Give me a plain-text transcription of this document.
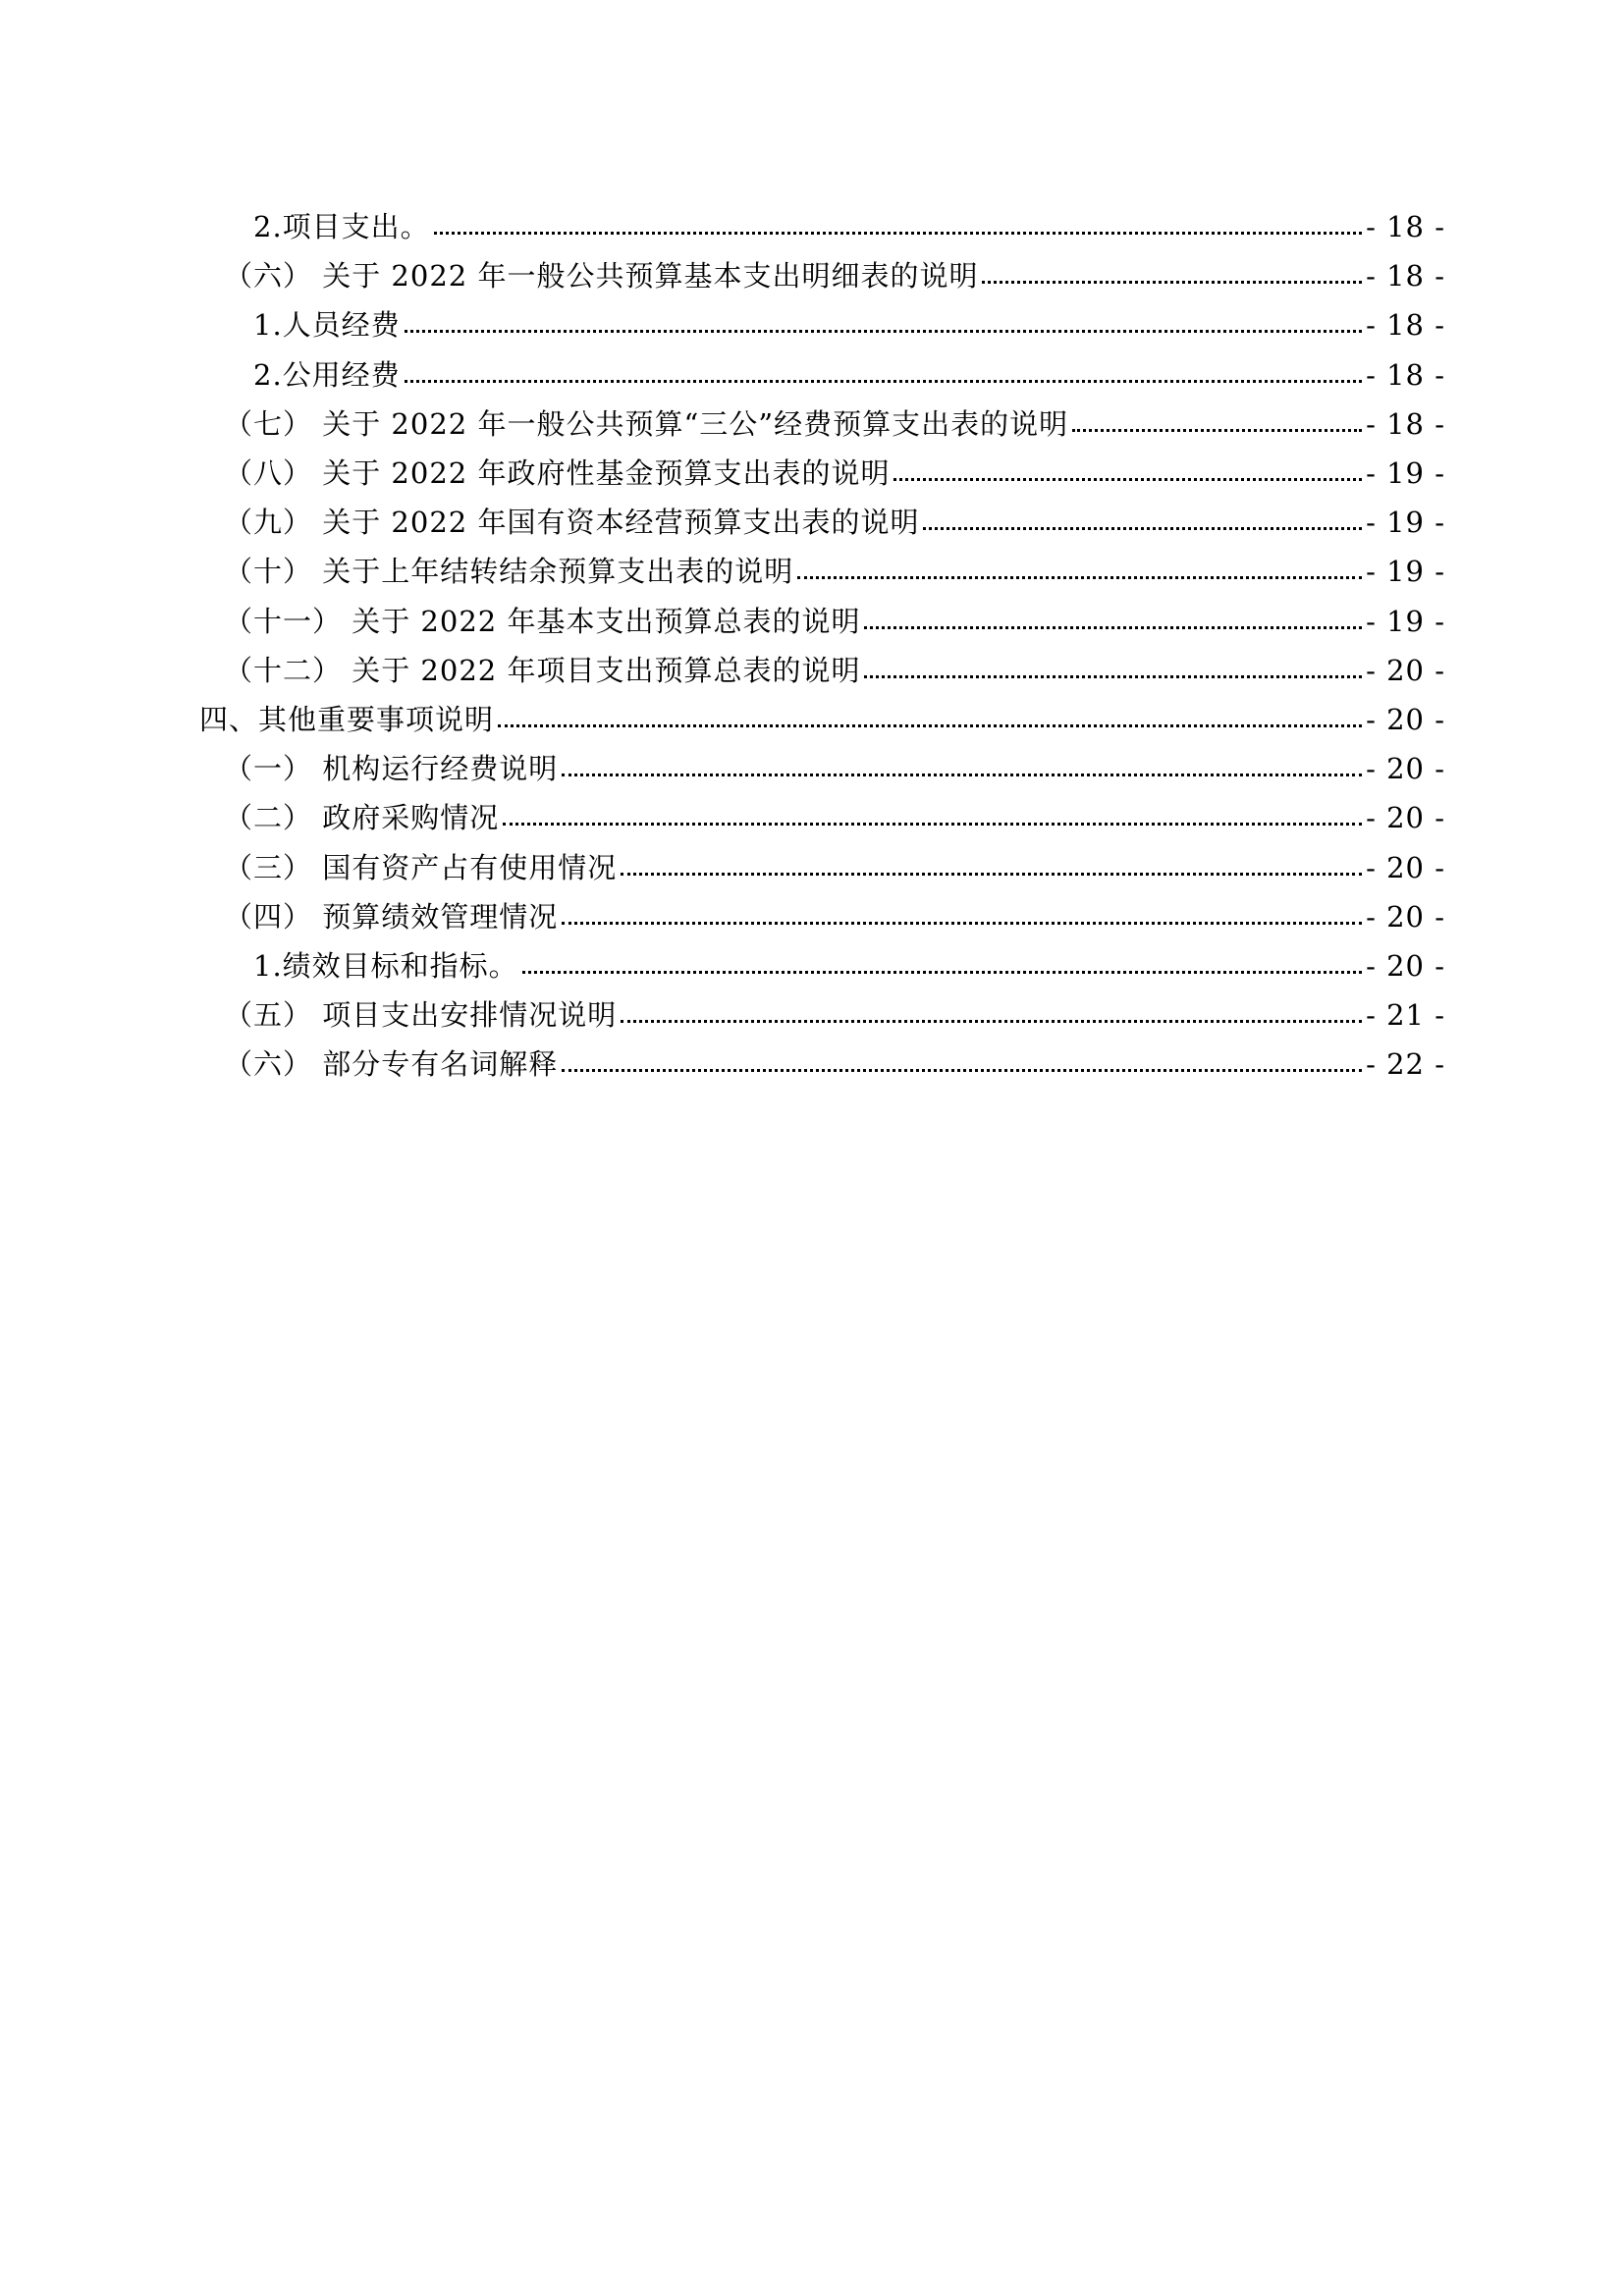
2.项目支出。	- 18 -
（六） 关于 2022 年一般公共预算基本支出明细表的说明	- 18 -
1.人员经费	- 18 -
2.公用经费	- 18 -
（七） 关于 2022 年一般公共预算“三公”经费预算支出表的说明	- 18 -
（八） 关于 2022 年政府性基金预算支出表的说明	- 19 -
（九） 关于 2022 年国有资本经营预算支出表的说明	- 19 -
（十） 关于上年结转结余预算支出表的说明	- 19 -
（十一） 关于 2022 年基本支出预算总表的说明	- 19 -
（十二） 关于 2022 年项目支出预算总表的说明	- 20 -
四、其他重要事项说明	- 20 -
（一） 机构运行经费说明	- 20 -
（二） 政府采购情况	- 20 -
（三） 国有资产占有使用情况	- 20 -
（四） 预算绩效管理情况	- 20 -
1.绩效目标和指标。	- 20 -
（五） 项目支出安排情况说明	- 21 -
（六） 部分专有名词解释	- 22 -
